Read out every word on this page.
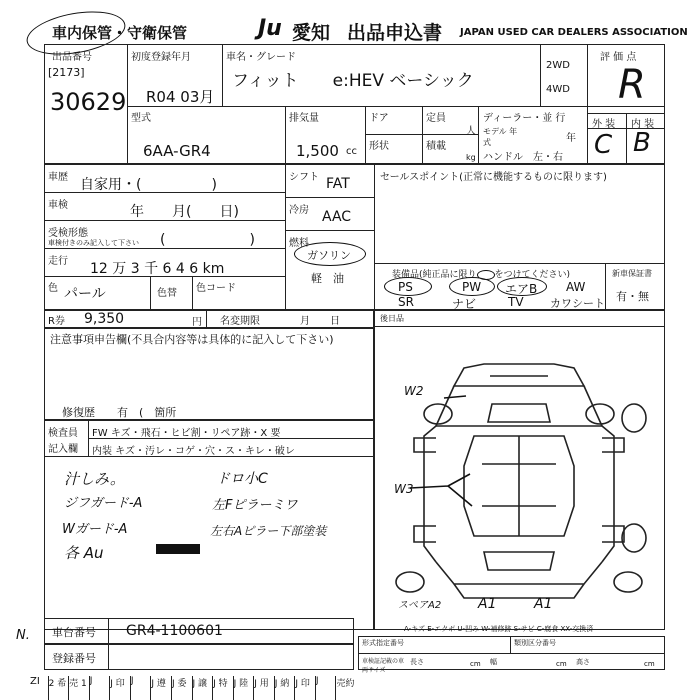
車内保管・守衛保管	Ju 愛知 出品申込書 JAPAN USED CAR DEALERS ASSOCIATION
出品番号
[2173]
30629
初度登録年月
R04 03月
車名・グレード
フィット　　e:HEV ベーシック
2WD
4WD
評 価 点
R
外 装 内 装
C B
型式
6AA-GR4
排気量
1,500 cc
ドア
形状
定員
人
積載
kg
ディーラー・並 行
モデル 年式	年
ハンドル　左・右
車歴 自家用・(　　　　　)
車検	年　　月(　　日)
受検形態
車検付きのみ記入して下さい (　　　　　　)
走行 12 万 3 千 6 4 6 km
色 パール	色替 色コード
シフト FAT
冷房 AAC
燃料
ガソリン
軽　油
セールスポイント(正常に機能するものに限ります)
装備品(純正品に限り をつけてください)
PS	PW エアB AW
SR	ナビ	TV カワシート
新車保証書
有・無
R券 9,350	円 名変期限	月　　日
注意事項申告欄(不具合内容等は具体的に記入して下さい)
修復歴　　有　(　箇所
後日品
検査員
記入欄
FW キズ・飛石・ヒビ割・リペア跡・X 要
内装 キズ・汚レ・コゲ・穴・ス・キレ・破レ
汁しみ。
ジフガード-A
Wガード-A
各 Au
ドロ小C
左Fピラーミワ
左右Aピラー下部塗装
W2
W3
スペアA2	A1	A1
A-キズ E-エクボ U-凹み W-補修跡 S-サビ C-腐食 XX-交換済
車台番号 GR4-1100601
登録番号
形式指定番号	類別区分番号
車検証記載の車両サイズ
長さ	cm 幅	cm 高さ	cm
N.
ZI 2 希 売 1 J	J 印 J	J 遵 J 委 J 譲 J 特 J 陸 J 用 J 納 J 印 J	売約
